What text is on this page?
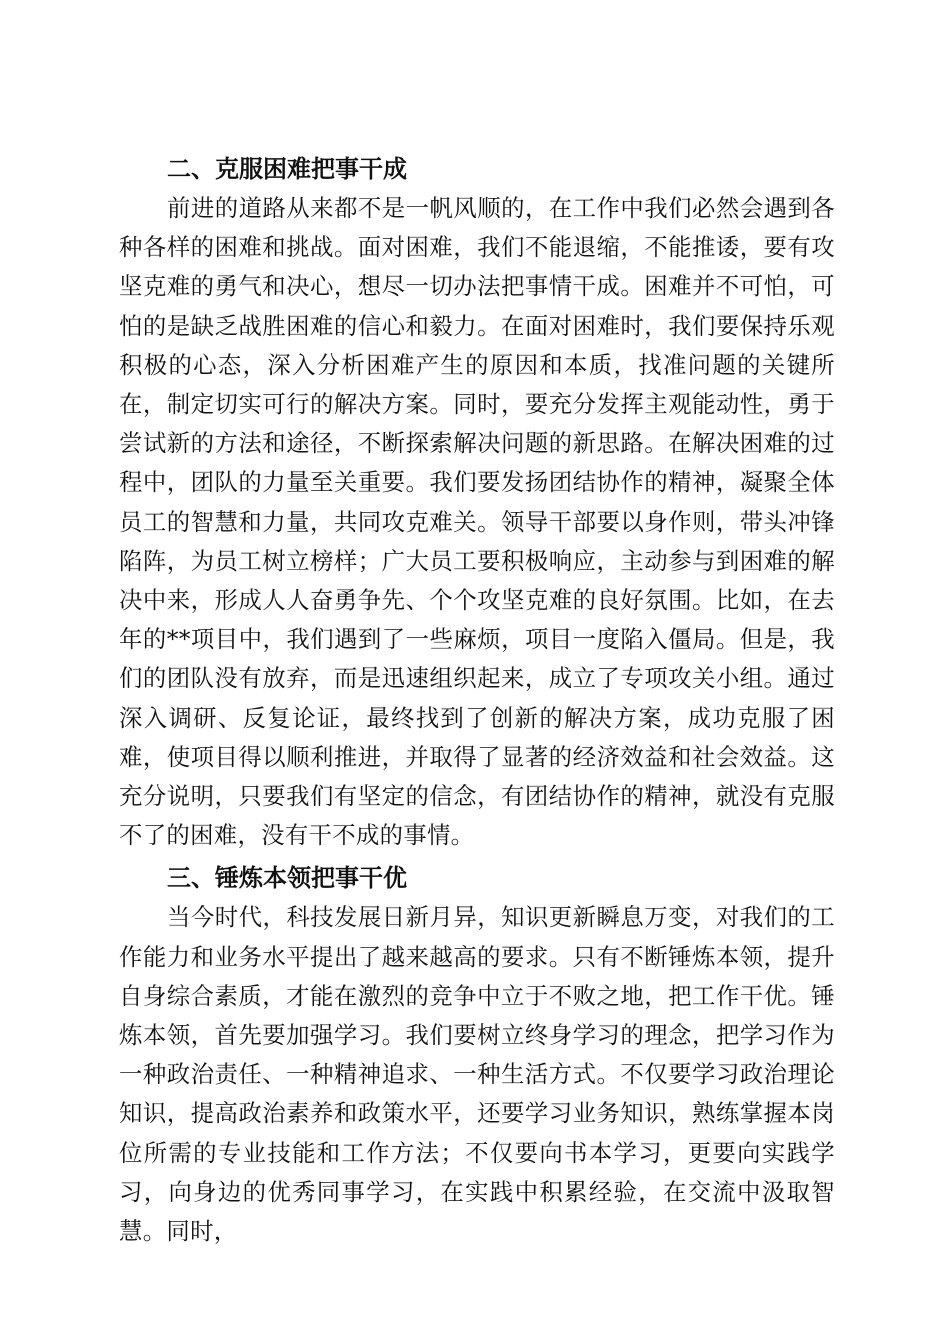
二、克服困难把事干成

前进的道路从来都不是一帆风顺的，在工作中我们必然会遇到各种各样的困难和挑战。面对困难，我们不能退缩，不能推诿，要有攻坚克难的勇气和决心，想尽一切办法把事情干成。困难并不可怕，可怕的是缺乏战胜困难的信心和毅力。在面对困难时，我们要保持乐观积极的心态，深入分析困难产生的原因和本质，找准问题的关键所在，制定切实可行的解决方案。同时，要充分发挥主观能动性，勇于尝试新的方法和途径，不断探索解决问题的新思路。在解决困难的过程中，团队的力量至关重要。我们要发扬团结协作的精神，凝聚全体员工的智慧和力量，共同攻克难关。领导干部要以身作则，带头冲锋陷阵，为员工树立榜样；广大员工要积极响应，主动参与到困难的解决中来，形成人人奋勇争先、个个攻坚克难的良好氛围。比如，在去年的**项目中，我们遇到了一些麻烦，项目一度陷入僵局。但是，我们的团队没有放弃，而是迅速组织起来，成立了专项攻关小组。通过深入调研、反复论证，最终找到了创新的解决方案，成功克服了困难，使项目得以顺利推进，并取得了显著的经济效益和社会效益。这充分说明，只要我们有坚定的信念，有团结协作的精神，就没有克服不了的困难，没有干不成的事情。

三、锤炼本领把事干优

当今时代，科技发展日新月异，知识更新瞬息万变，对我们的工作能力和业务水平提出了越来越高的要求。只有不断锤炼本领，提升自身综合素质，才能在激烈的竞争中立于不败之地，把工作干优。锤炼本领，首先要加强学习。我们要树立终身学习的理念，把学习作为一种政治责任、一种精神追求、一种生活方式。不仅要学习政治理论知识，提高政治素养和政策水平，还要学习业务知识，熟练掌握本岗位所需的专业技能和工作方法；不仅要向书本学习，更要向实践学习，向身边的优秀同事学习，在实践中积累经验，在交流中汲取智慧。同时，
